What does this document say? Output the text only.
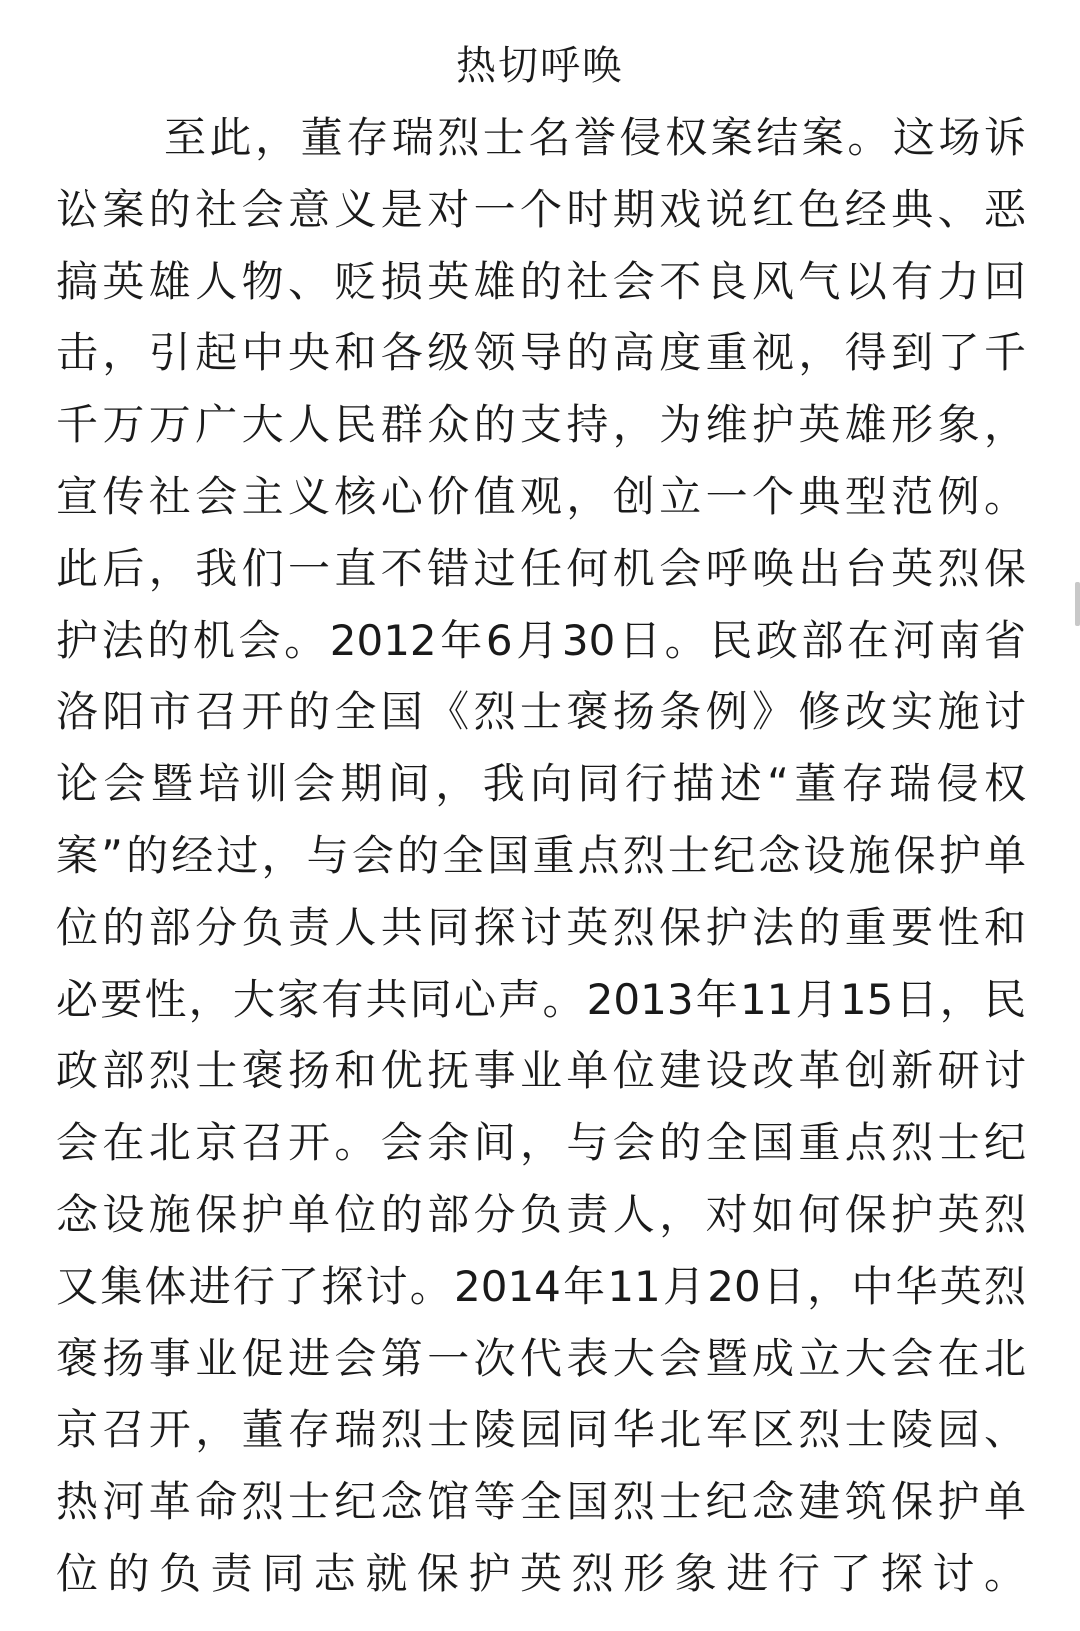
热切呼唤
至此，董存瑞烈士名誉侵权案结案。这场诉
讼案的社会意义是对一个时期戏说红色经典、恶
搞英雄人物、贬损英雄的社会不良风气以有力回
击，引起中央和各级领导的高度重视，得到了千
千万万广大人民群众的支持，为维护英雄形象，
宣传社会主义核心价值观，创立一个典型范例。
此后，我们一直不错过任何机会呼唤出台英烈保
护法的机会。2012年6月30日。民政部在河南省
洛阳市召开的全国《烈士褒扬条例》修改实施讨
论会暨培训会期间，我向同行描述“董存瑞侵权
案”的经过，与会的全国重点烈士纪念设施保护单
位的部分负责人共同探讨英烈保护法的重要性和
必要性，大家有共同心声。2013年11月15日，民
政部烈士褒扬和优抚事业单位建设改革创新研讨
会在北京召开。会余间，与会的全国重点烈士纪
念设施保护单位的部分负责人，对如何保护英烈
又集体进行了探讨。2014年11月20日，中华英烈
褒扬事业促进会第一次代表大会暨成立大会在北
京召开，董存瑞烈士陵园同华北军区烈士陵园、
热河革命烈士纪念馆等全国烈士纪念建筑保护单
位的负责同志就保护英烈形象进行了探讨。
